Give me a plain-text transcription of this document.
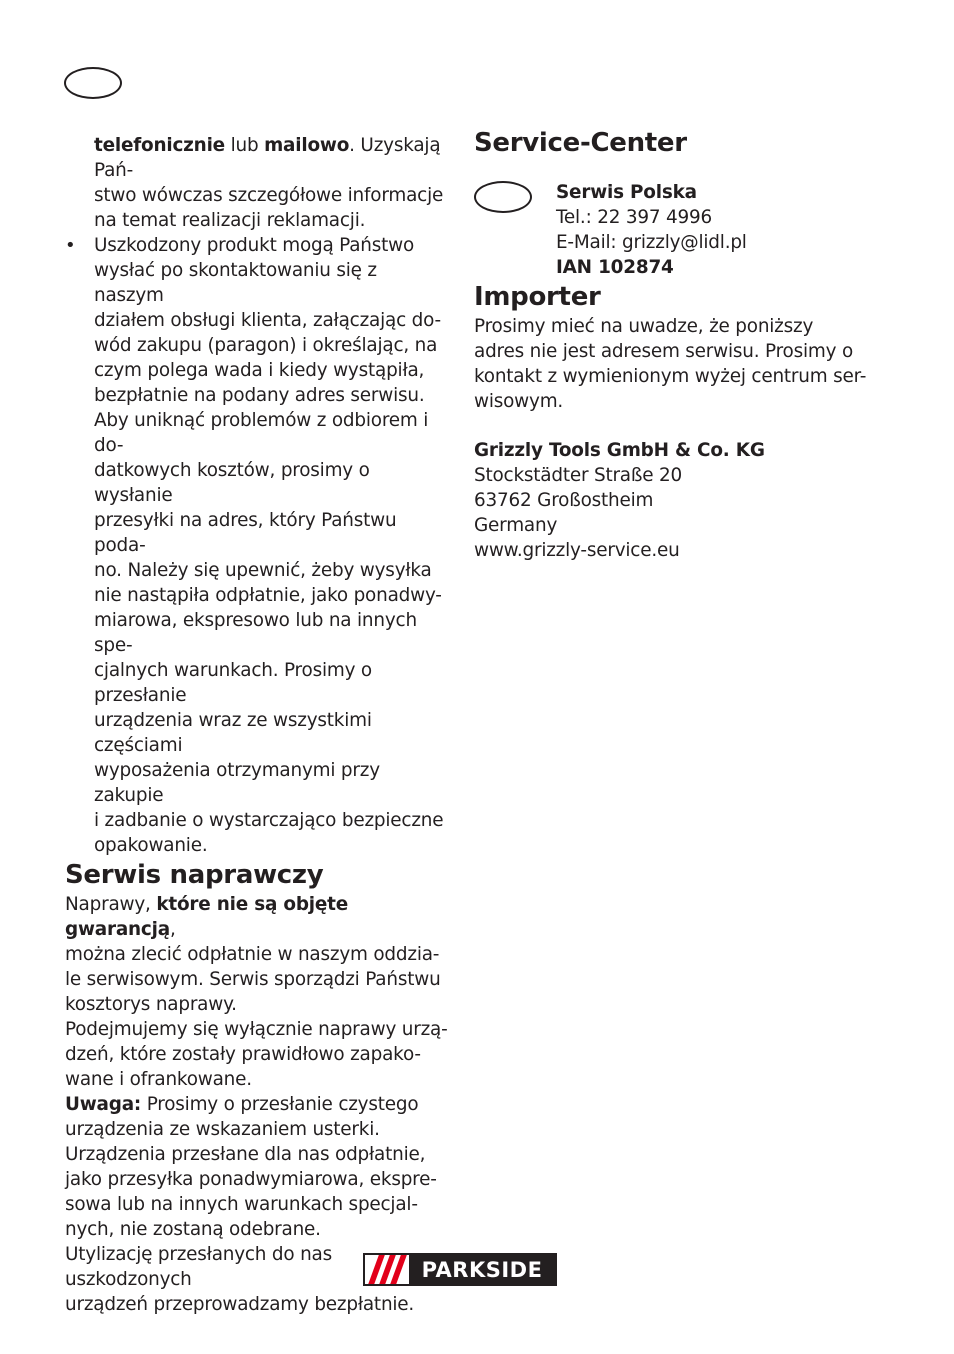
telefonicznie lub mailowo. Uzyskają Pań-
stwo wówczas szczegółowe informacje
na temat realizacji reklamacji.

• Uszkodzony produkt mogą Państwo
wysłać po skontaktowaniu się z naszym
działem obsługi klienta, załączając do-
wód zakupu (paragon) i określając, na
czym polega wada i kiedy wystąpiła,
bezpłatnie na podany adres serwisu.
Aby uniknąć problemów z odbiorem i do-
datkowych kosztów, prosimy o wysłanie
przesyłki na adres, który Państwu poda-
no. Należy się upewnić, żeby wysyłka
nie nastąpiła odpłatnie, jako ponadwy-
miarowa, ekspresowo lub na innych spe-
cjalnych warunkach. Prosimy o przesłanie
urządzenia wraz ze wszystkimi częściami
wyposażenia otrzymanymi przy zakupie
i zadbanie o wystarczająco bezpieczne
opakowanie.

Serwis naprawczy

Naprawy, które nie są objęte gwarancją,
można zlecić odpłatnie w naszym oddzia-
le serwisowym. Serwis sporządzi Państwu
kosztorys naprawy.
Podejmujemy się wyłącznie naprawy urzą-
dzeń, które zostały prawidłowo zapako-
wane i ofrankowane.
Uwaga: Prosimy o przesłanie czystego
urządzenia ze wskazaniem usterki.
Urządzenia przesłane dla nas odpłatnie,
jako przesyłka ponadwymiarowa, ekspre-
sowa lub na innych warunkach specjal-
nych, nie zostaną odebrane.
Utylizację przesłanych do nas uszkodzonych
urządzeń przeprowadzamy bezpłatnie.

Service-Center

Serwis Polska
Tel.: 22 397 4996
E-Mail: grizzly@lidl.pl
IAN 102874

Importer

Prosimy mieć na uwadze, że poniższy
adres nie jest adresem serwisu. Prosimy o
kontakt z wymienionym wyżej centrum ser-
wisowym.

Grizzly Tools GmbH & Co. KG
Stockstädter Straße 20
63762 Großostheim
Germany
www.grizzly-service.eu

PARKSIDE
